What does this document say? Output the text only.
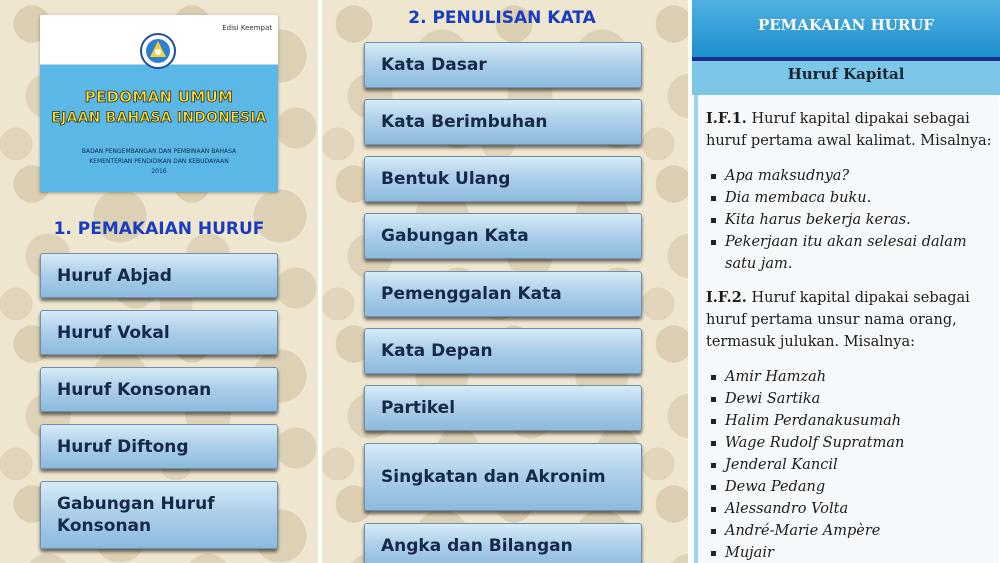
Edisi Keempat
PEDOMAN UMUM
EJAAN BAHASA INDONESIA
BADAN PENGEMBANGAN DAN PEMBINAAN BAHASA
KEMENTERIAN PENDIDIKAN DAN KEBUDAYAAN
2016
1. PEMAKAIAN HURUF
Huruf Abjad
Huruf Vokal
Huruf Konsonan
Huruf Diftong
Gabungan Huruf Konsonan
2. PENULISAN KATA
Kata Dasar
Kata Berimbuhan
Bentuk Ulang
Gabungan Kata
Pemenggalan Kata
Kata Depan
Partikel
Singkatan dan Akronim
Angka dan Bilangan
PEMAKAIAN HURUF
Huruf Kapital
I.F.1. Huruf kapital dipakai sebagai huruf pertama awal kalimat. Misalnya:
Apa maksudnya?
Dia membaca buku.
Kita harus bekerja keras.
Pekerjaan itu akan selesai dalam satu jam.
I.F.2. Huruf kapital dipakai sebagai huruf pertama unsur nama orang, termasuk julukan. Misalnya:
Amir Hamzah
Dewi Sartika
Halim Perdanakusumah
Wage Rudolf Supratman
Jenderal Kancil
Dewa Pedang
Alessandro Volta
André-Marie Ampère
Mujair
